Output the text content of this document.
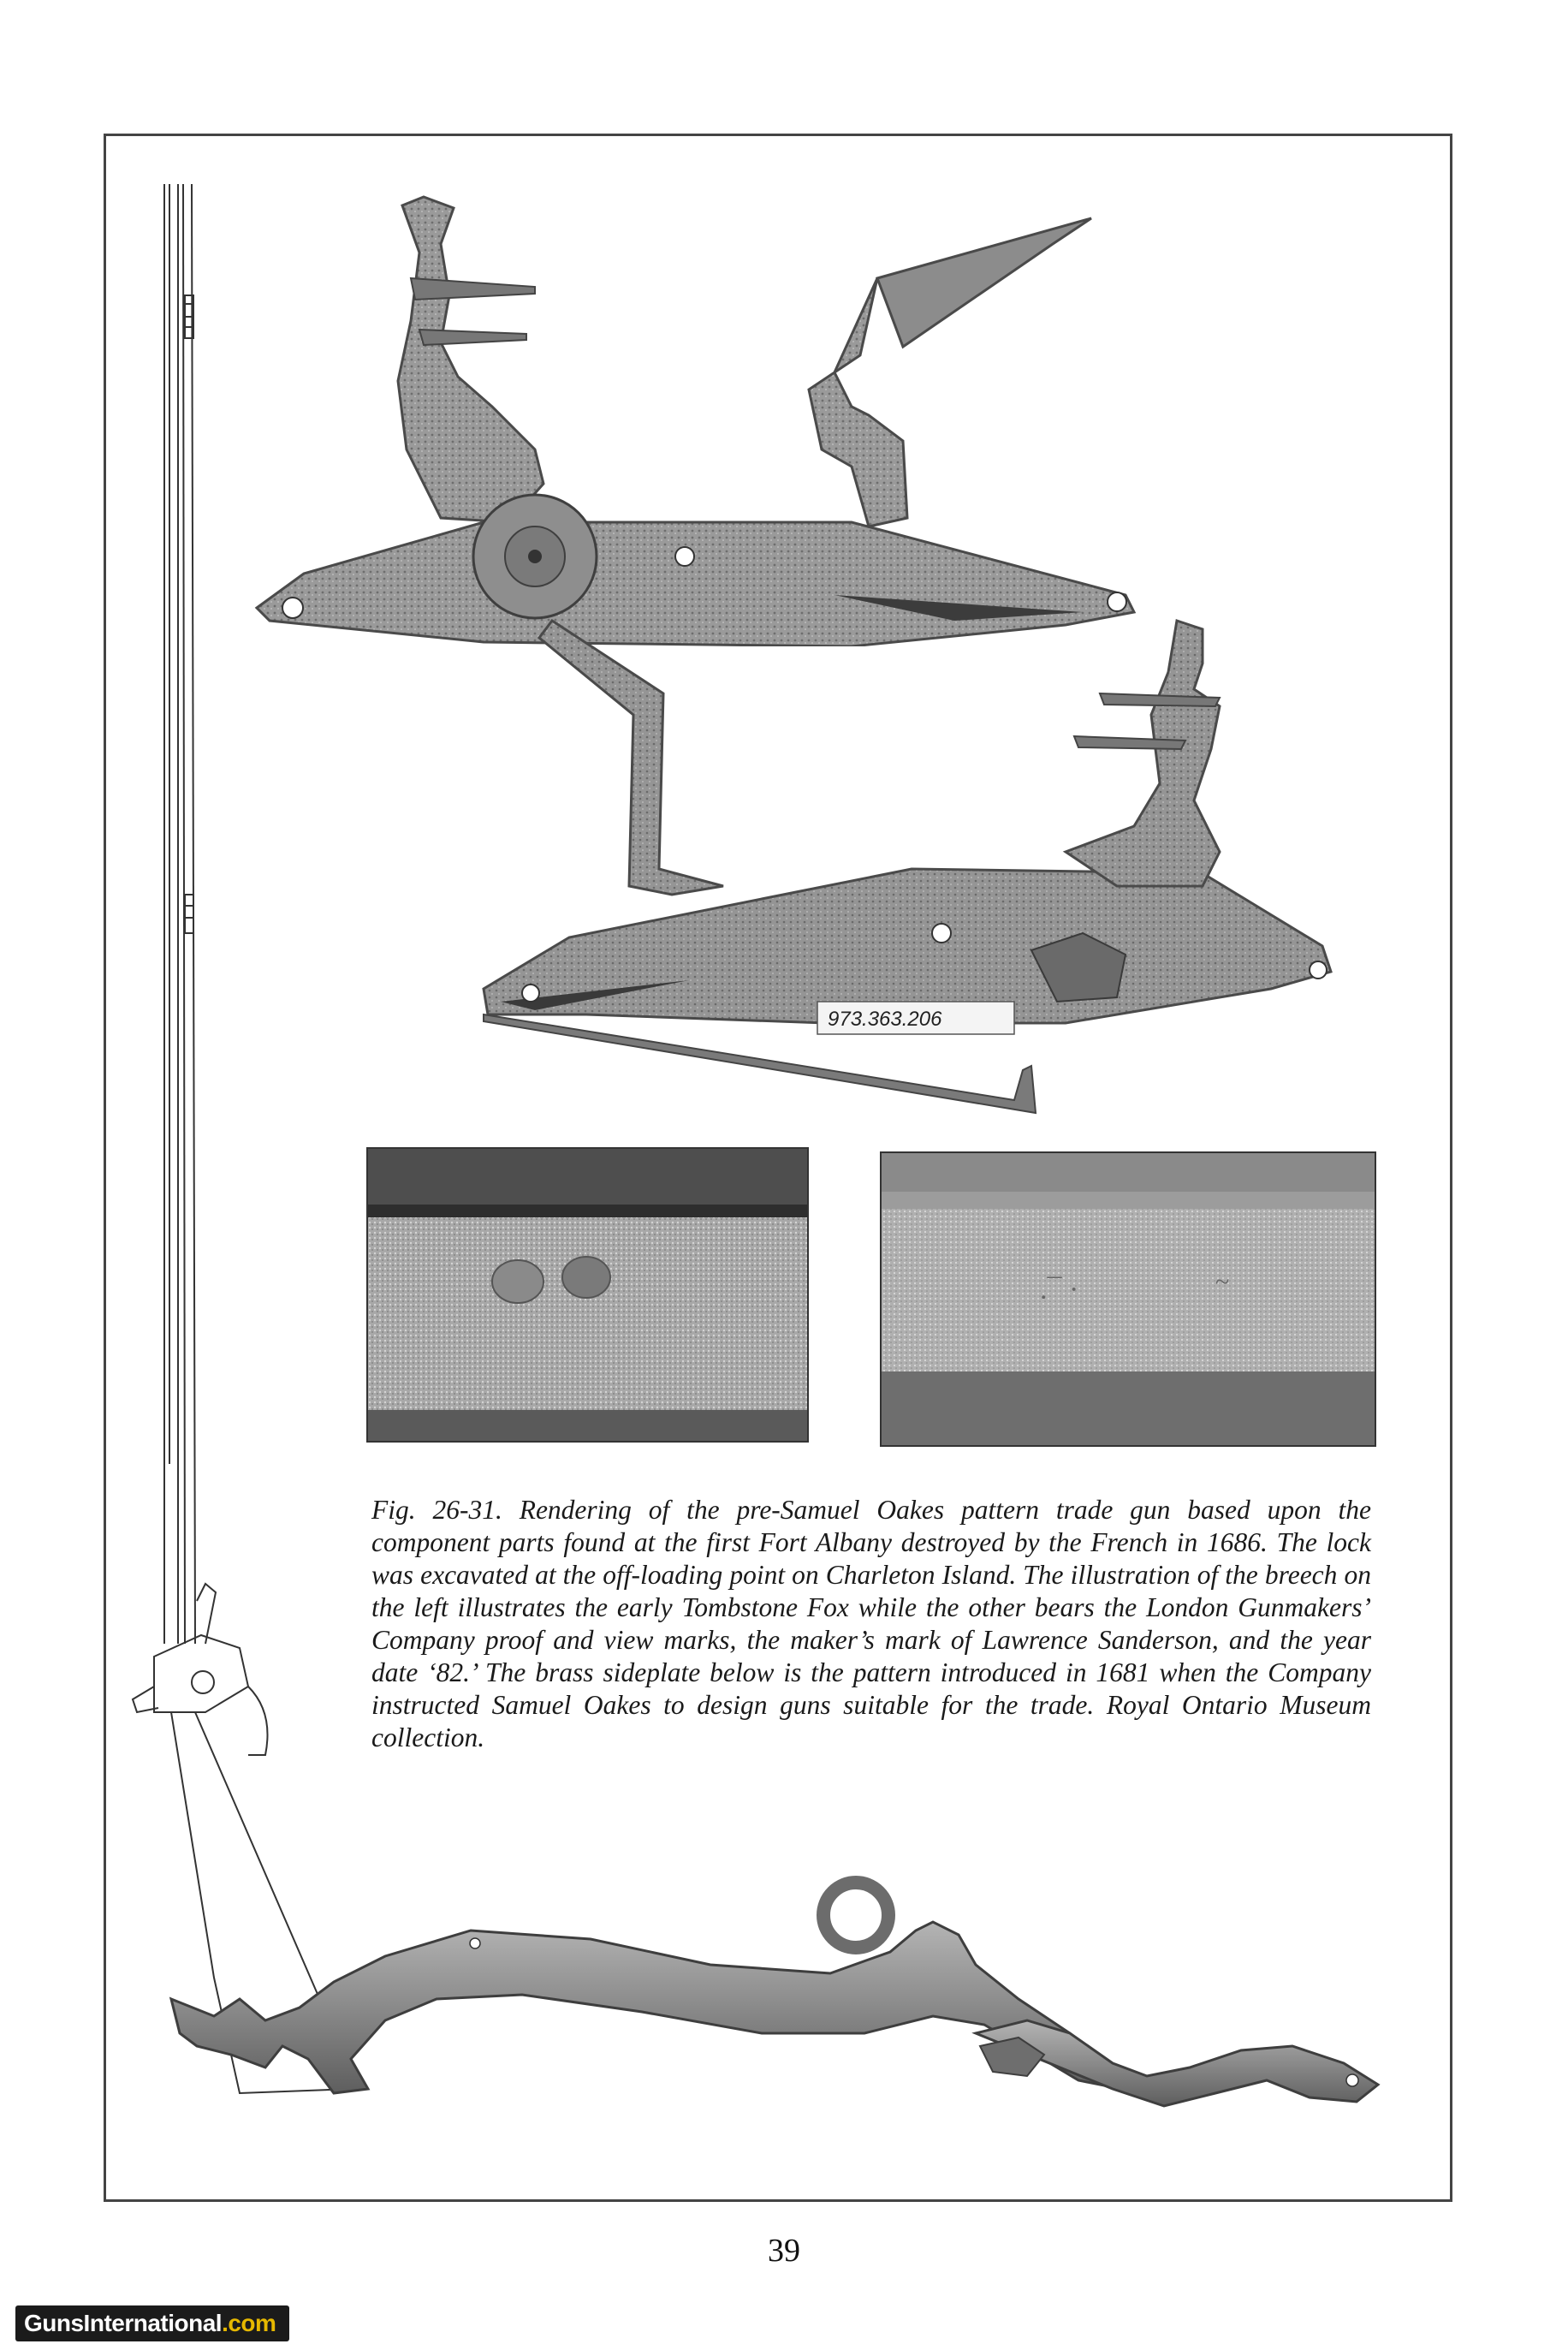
973.363.206
.¯ ·	~

Fig. 26-31. Rendering of the pre-Samuel Oakes pattern trade gun based upon the component parts found at the first Fort Albany destroyed by the French in 1686. The lock was excavated at the off-loading point on Charleton Island. The illustration of the breech on the left illustrates the early Tombstone Fox while the other bears the London Gunmakers’ Company proof and view marks, the maker’s mark of Lawrence Sanderson, and the year date ‘82.’ The brass sideplate below is the pattern introduced in 1681 when the Company instructed Samuel Oakes to design guns suitable for the trade. Royal Ontario Museum collection.

39
GunsInternational.com
